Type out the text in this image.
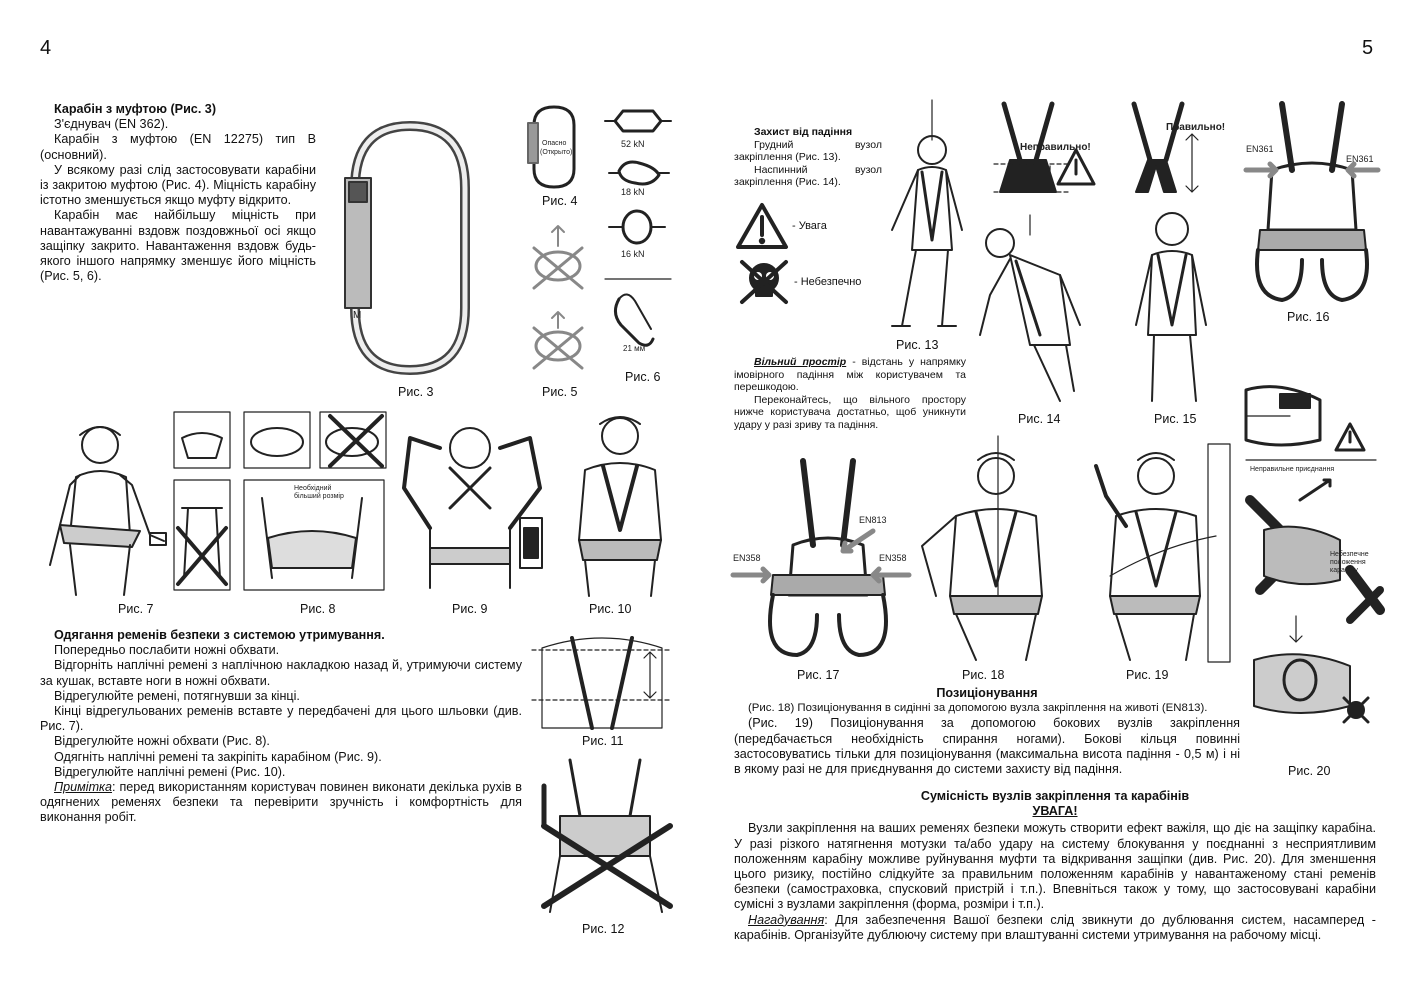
4	5

Карабін з муфтою (Рис. 3)

З'єднувач (EN 362).

Карабін з муфтою (EN 12275) тип B (основний).

У всякому разі слід застосовувати карабіни із закритою муфтою (Рис. 4). Міцність карабіну істотно зменшується якщо муфту відкрито.

Карабін має найбільшу міцність при навантажуванні вздовж поздовжньої осі якщо защіпку закрито. Навантаження вздовж будь-якого іншого напрямку зменшує його міцність (Рис. 5, 6).

M
Рис. 3
Опасно
(Открыто)
Рис. 4
Рис. 5
52 kN
18 kN
16 kN
21 мм
Рис. 6
Рис. 7
Необхідний
більший розмір
Рис. 8	Рис. 9	Рис. 10

Одягання ременів безпеки з системою утримування.

Попередньо послабити ножні обхвати.

Відгорніть наплічні ремені з наплічною накладкою назад й, утримуючи систему за кушак, вставте ноги в ножні обхвати.

Відрегулюйте ремені, потягнувши за кінці.

Кінці відрегульованих ременів вставте у передбачені для цього шльовки (див. Рис. 7).

Відрегулюйте ножні обхвати (Рис. 8).

Одягніть наплічні ремені та закріпіть карабіном (Рис. 9).

Відрегулюйте наплічні ремені (Рис. 10).

Примітка: перед використанням користувач повинен виконати декілька рухів в одягнених ременях безпеки та перевірити зручність і комфортність для виконання робіт.

Рис. 11
Рис. 12

Захист від падіння

Грудний вузол закріплення (Рис. 13).

Наспинний вузол закріплення (Рис. 14).

- Увага
- Небезпечно
Рис. 13
Неправильно!
Правильно!
Рис. 14	Рис. 15
EN361
EN361
Рис. 16

Вільний простір - відстань у напрямку імовірного падіння між користувачем та перешкодою.

Переконайтесь, що вільного простору нижче користувача достатньо, щоб уникнути удару у разі зриву та падіння.

EN358	EN358
EN813
Рис. 17	Рис. 18	Рис. 19
Неправильне приєднання
Небезпечне
положення
карабіну
Рис. 20

Позиціонування

(Рис. 18) Позиціонування в сидінні за допомогою вузла закріплення на животі (EN813).

(Рис. 19) Позиціонування за допомогою бокових вузлів закріплення (передбачається необхідність спирання ногами). Бокові кільця повинні застосовуватись тільки для позиціонування (максимальна висота падіння - 0,5 м) і ні в якому разі не для приєднування до системи захисту від падіння.

Сумісність вузлів закріплення та карабінів

УВАГА!

Вузли закріплення на ваших ременях безпеки можуть створити ефект важіля, що діє на защіпку карабіна. У разі різкого натягнення мотузки та/або удару на систему блокування у поєднанні з несприятливим положенням карабіну можливе руйнування муфти та відкривання защіпки (див. Рис. 20). Для зменшення цього ризику, постійно слідкуйте за правильним положенням карабінів у навантаженому стані ременів безпеки (самостраховка, спусковий пристрій і т.п.). Впевніться також у тому, що застосовувані карабіни сумісні з вузлами закріплення (форма, розміри і т.п.).

Нагадування: Для забезпечення Вашої безпеки слід звикнути до дублювання систем, насамперед - карабінів. Організуйте дублюючу систему при влаштуванні системи утримування на рабочому місці.
